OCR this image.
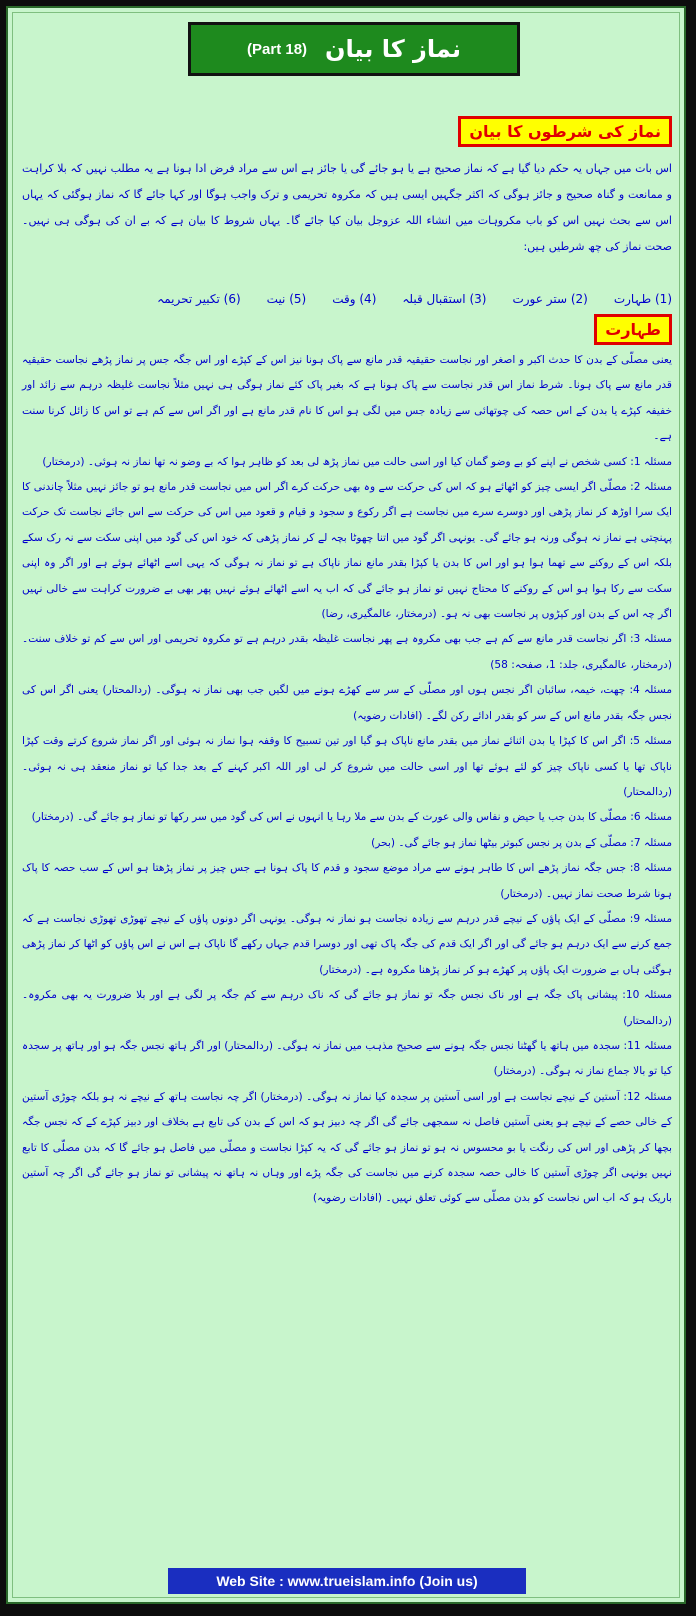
(Part 18) نماز کا بیان
نماز کی شرطوں کا بیان

اس بات میں جہاں یہ حکم دیا گیا ہے کہ نماز صحیح ہے یا ہو جائے گی یا جائز ہے اس سے مراد فرض ادا ہونا ہے یہ مطلب نہیں کہ بلا کراہت و ممانعت و گناہ صحیح و جائز ہوگی کہ اکثر جگہیں ایسی ہیں کہ مکروہ تحریمی و ترک واجب ہوگا اور کہا جائے گا کہ نماز ہوگئی کہ یہاں اس سے بحث نہیں اس کو باب مکروہات میں انشاء اللہ عزوجل بیان کیا جائے گا۔ یہاں شروط کا بیان ہے کہ بے ان کی ہوگی ہی نہیں۔ صحت نماز کی چھ شرطیں ہیں:

(1) طہارت
(2) ستر عورت
(3) استقبال قبلہ
(4) وقت
(5) نیت
(6) تکبیر تحریمہ
طہارت

یعنی مصلّی کے بدن کا حدث اکبر و اصغر اور نجاست حقیقیہ قدر مانع سے پاک ہونا نیز اس کے کپڑے اور اس جگہ جس پر نماز پڑھے نجاست حقیقیہ قدر مانع سے پاک ہونا۔ شرط نماز اس قدر نجاست سے پاک ہونا ہے کہ بغیر پاک کئے نماز ہوگی ہی نہیں مثلاً نجاست غلیظہ درہم سے زائد اور خفیفہ کپڑے یا بدن کے اس حصہ کی چوتھائی سے زیادہ جس میں لگی ہو اس کا نام قدر مانع ہے اور اگر اس سے کم ہے تو اس کا زائل کرنا سنت ہے۔

مسئلہ 1: کسی شخص نے اپنے کو بے وضو گمان کیا اور اسی حالت میں نماز پڑھ لی بعد کو ظاہر ہوا کہ بے وضو نہ تھا نماز نہ ہوئی۔ (درمختار)

مسئلہ 2: مصلّی اگر ایسی چیز کو اٹھائے ہو کہ اس کی حرکت سے وہ بھی حرکت کرے اگر اس میں نجاست قدر مانع ہو تو جائز نہیں مثلاً چاندنی کا ایک سرا اوڑھ کر نماز پڑھی اور دوسرے سرے میں نجاست ہے اگر رکوع و سجود و قیام و قعود میں اس کی حرکت سے اس جائے نجاست تک حرکت پہنچتی ہے نماز نہ ہوگی ورنہ ہو جائے گی۔ یونہی اگر گود میں اتنا چھوٹا بچہ لے کر نماز پڑھی کہ خود اس کی گود میں اپنی سکت سے نہ رک سکے بلکہ اس کے روکنے سے تھما ہوا ہو اور اس کا بدن یا کپڑا بقدر مانع نماز ناپاک ہے تو نماز نہ ہوگی کہ یہی اسے اٹھائے ہوئے ہے اور اگر وہ اپنی سکت سے رکا ہوا ہو اس کے روکنے کا محتاج نہیں تو نماز ہو جائے گی کہ اب یہ اسے اٹھائے ہوئے نہیں پھر بھی بے ضرورت کراہت سے خالی نہیں اگر چہ اس کے بدن اور کپڑوں پر نجاست بھی نہ ہو۔ (درمختار، عالمگیری، رضا)

مسئلہ 3: اگر نجاست قدر مانع سے کم ہے جب بھی مکروہ ہے پھر نجاست غلیظہ بقدر درہم ہے تو مکروہ تحریمی اور اس سے کم تو خلاف سنت۔ (درمختار، عالمگیری، جلد: 1، صفحہ: 58)

مسئلہ 4: چھت، خیمہ، سائبان اگر نجس ہوں اور مصلّی کے سر سے کھڑے ہونے میں لگیں جب بھی نماز نہ ہوگی۔ (ردالمحتار) یعنی اگر اس کی نجس جگہ بقدر مانع اس کے سر کو بقدر ادائے رکن لگے۔ (افادات رضویہ)

مسئلہ 5: اگر اس کا کپڑا یا بدن اثنائے نماز میں بقدر مانع ناپاک ہو گیا اور تین تسبیح کا وقفہ ہوا نماز نہ ہوئی اور اگر نماز شروع کرتے وقت کپڑا ناپاک تھا یا کسی ناپاک چیز کو لئے ہوئے تھا اور اسی حالت میں شروع کر لی اور اللہ اکبر کہنے کے بعد جدا کیا تو نماز منعقد ہی نہ ہوئی۔ (ردالمحتار)

مسئلہ 6: مصلّی کا بدن جب یا حیض و نفاس والی عورت کے بدن سے ملا رہا یا انہوں نے اس کی گود میں سر رکھا تو نماز ہو جائے گی۔ (درمختار)

مسئلہ 7: مصلّی کے بدن پر نجس کبوتر بیٹھا نماز ہو جائے گی۔ (بحر)

مسئلہ 8: جس جگہ نماز پڑھے اس کا طاہر ہونے سے مراد موضع سجود و قدم کا پاک ہونا ہے جس چیز پر نماز پڑھتا ہو اس کے سب حصہ کا پاک ہونا شرط صحت نماز نہیں۔ (درمختار)

مسئلہ 9: مصلّی کے ایک پاؤں کے نیچے قدر درہم سے زیادہ نجاست ہو نماز نہ ہوگی۔ یونہی اگر دونوں پاؤں کے نیچے تھوڑی تھوڑی نجاست ہے کہ جمع کرنے سے ایک درہم ہو جائے گی اور اگر ایک قدم کی جگہ پاک تھی اور دوسرا قدم جہاں رکھے گا ناپاک ہے اس نے اس پاؤں کو اٹھا کر نماز پڑھی ہوگئی ہاں بے ضرورت ایک پاؤں پر کھڑے ہو کر نماز پڑھنا مکروہ ہے۔ (درمختار)

مسئلہ 10: پیشانی پاک جگہ ہے اور ناک نجس جگہ تو نماز ہو جائے گی کہ ناک درہم سے کم جگہ پر لگی ہے اور بلا ضرورت یہ بھی مکروہ۔ (ردالمحتار)

مسئلہ 11: سجدہ میں ہاتھ یا گھٹنا نجس جگہ ہونے سے صحیح مذہب میں نماز نہ ہوگی۔ (ردالمحتار) اور اگر ہاتھ نجس جگہ ہو اور ہاتھ پر سجدہ کیا تو بالا جماع نماز نہ ہوگی۔ (درمختار)

مسئلہ 12: آستین کے نیچے نجاست ہے اور اسی آستین پر سجدہ کیا نماز نہ ہوگی۔ (درمختار) اگر چہ نجاست ہاتھ کے نیچے نہ ہو بلکہ چوڑی آستین کے خالی حصے کے نیچے ہو یعنی آستین فاصل نہ سمجھی جائے گی اگر چہ دبیز ہو کہ اس کے بدن کی تابع ہے بخلاف اور دبیز کپڑے کے کہ نجس جگہ بچھا کر پڑھی اور اس کی رنگت یا بو محسوس نہ ہو تو نماز ہو جائے گی کہ یہ کپڑا نجاست و مصلّی میں فاصل ہو جائے گا کہ بدن مصلّی کا تابع نہیں یونہی اگر چوڑی آستین کا خالی حصہ سجدہ کرنے میں نجاست کی جگہ پڑے اور وہاں نہ ہاتھ نہ پیشانی تو نماز ہو جائے گی اگر چہ آستین باریک ہو کہ اب اس نجاست کو بدن مصلّی سے کوئی تعلق نہیں۔ (افادات رضویہ)

Web Site : www.trueislam.info (Join us)
